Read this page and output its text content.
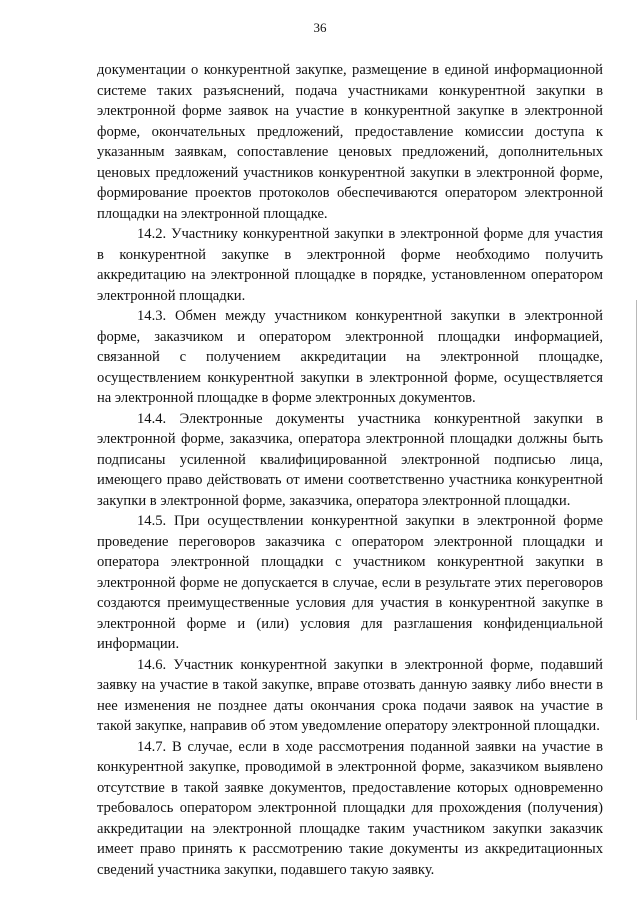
36

документации о конкурентной закупке, размещение в единой информационной системе таких разъяснений, подача участниками конкурентной закупки в электронной форме заявок на участие в конкурентной закупке в электронной форме, окончательных предложений, предоставление комиссии доступа к указанным заявкам, сопоставление ценовых предложений, дополнительных ценовых предложений участников конкурентной закупки в электронной форме, формирование проектов протоколов обеспечиваются оператором электронной площадки на электронной площадке.

14.2. Участнику конкурентной закупки в электронной форме для участия в конкурентной закупке в электронной форме необходимо получить аккредитацию на электронной площадке в порядке, установленном оператором электронной площадки.

14.3. Обмен между участником конкурентной закупки в электронной форме, заказчиком и оператором электронной площадки информацией, связанной с получением аккредитации на электронной площадке, осуществлением конкурентной закупки в электронной форме, осуществляется на электронной площадке в форме электронных документов.

14.4. Электронные документы участника конкурентной закупки в электронной форме, заказчика, оператора электронной площадки должны быть подписаны усиленной квалифицированной электронной подписью лица, имеющего право действовать от имени соответственно участника конкурентной закупки в электронной форме, заказчика, оператора электронной площадки.

14.5. При осуществлении конкурентной закупки в электронной форме проведение переговоров заказчика с оператором электронной площадки и оператора электронной площадки с участником конкурентной закупки в электронной форме не допускается в случае, если в результате этих переговоров создаются преимущественные условия для участия в конкурентной закупке в электронной форме и (или) условия для разглашения конфиденциальной информации.

14.6. Участник конкурентной закупки в электронной форме, подавший заявку на участие в такой закупке, вправе отозвать данную заявку либо внести в нее изменения не позднее даты окончания срока подачи заявок на участие в такой закупке, направив об этом уведомление оператору электронной площадки.

14.7. В случае, если в ходе рассмотрения поданной заявки на участие в конкурентной закупке, проводимой в электронной форме, заказчиком выявлено отсутствие в такой заявке документов, предоставление которых одновременно требовалось оператором электронной площадки для прохождения (получения) аккредитации на электронной площадке таким участником закупки заказчик имеет право принять к рассмотрению такие документы из аккредитационных сведений участника закупки, подавшего такую заявку.
